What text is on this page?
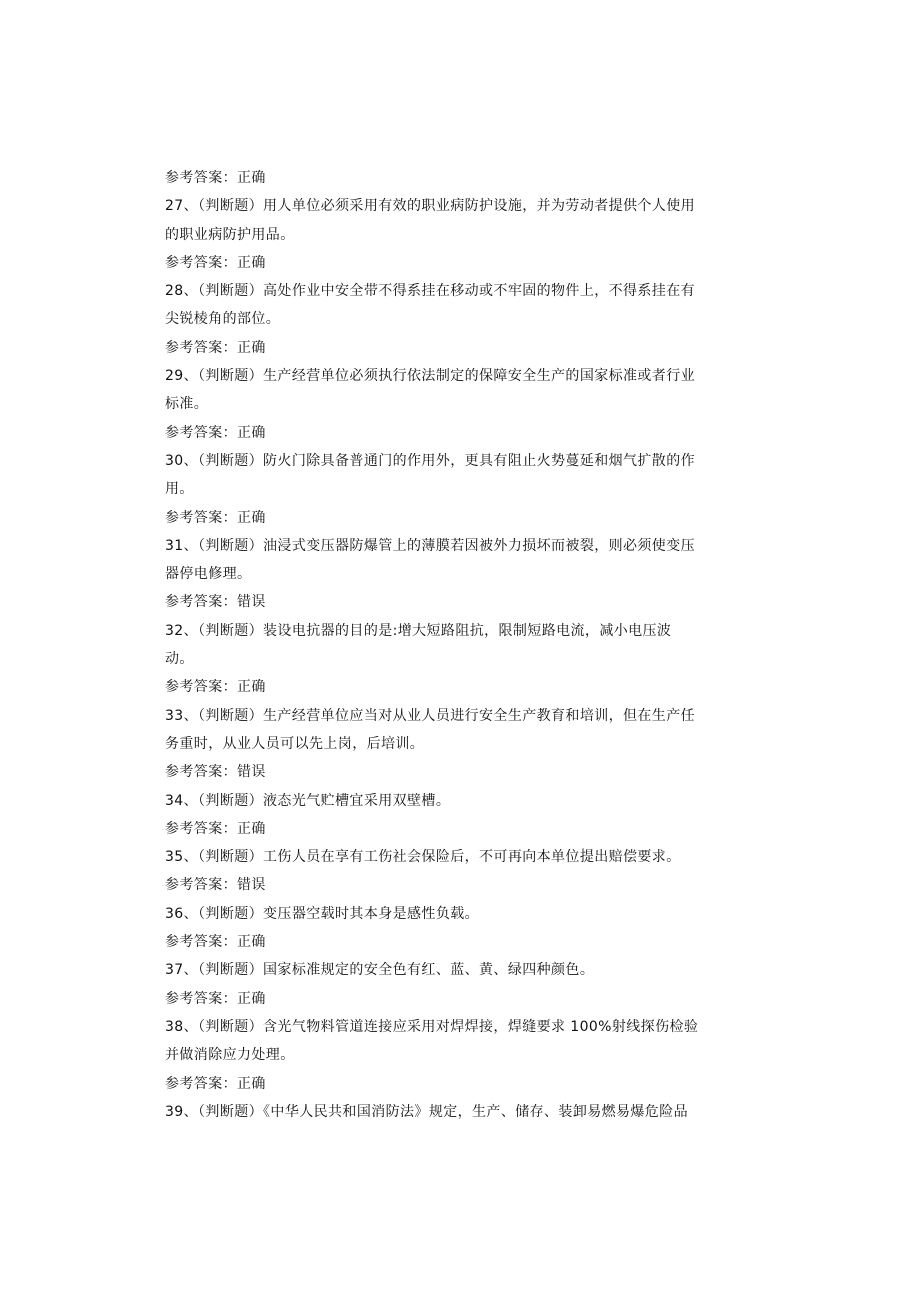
参考答案：正确
27、（判断题）用人单位必须采用有效的职业病防护设施，并为劳动者提供个人使用
的职业病防护用品。
参考答案：正确
28、（判断题）高处作业中安全带不得系挂在移动或不牢固的物件上，不得系挂在有
尖锐棱角的部位。
参考答案：正确
29、（判断题）生产经营单位必须执行依法制定的保障安全生产的国家标准或者行业
标准。
参考答案：正确
30、（判断题）防火门除具备普通门的作用外，更具有阻止火势蔓延和烟气扩散的作
用。
参考答案：正确
31、（判断题）油浸式变压器防爆管上的薄膜若因被外力损坏而被裂，则必须使变压
器停电修理。
参考答案：错误
32、（判断题）装设电抗器的目的是:增大短路阻抗，限制短路电流，减小电压波
动。
参考答案：正确
33、（判断题）生产经营单位应当对从业人员进行安全生产教育和培训，但在生产任
务重时，从业人员可以先上岗，后培训。
参考答案：错误
34、（判断题）液态光气贮槽宜采用双壁槽。
参考答案：正确
35、（判断题）工伤人员在享有工伤社会保险后，不可再向本单位提出赔偿要求。
参考答案：错误
36、（判断题）变压器空载时其本身是感性负载。
参考答案：正确
37、（判断题）国家标准规定的安全色有红、蓝、黄、绿四种颜色。
参考答案：正确
38、（判断题）含光气物料管道连接应采用对焊焊接，焊缝要求 100%射线探伤检验
并做消除应力处理。
参考答案：正确
39、（判断题）《中华人民共和国消防法》规定，生产、储存、装卸易燃易爆危险品
